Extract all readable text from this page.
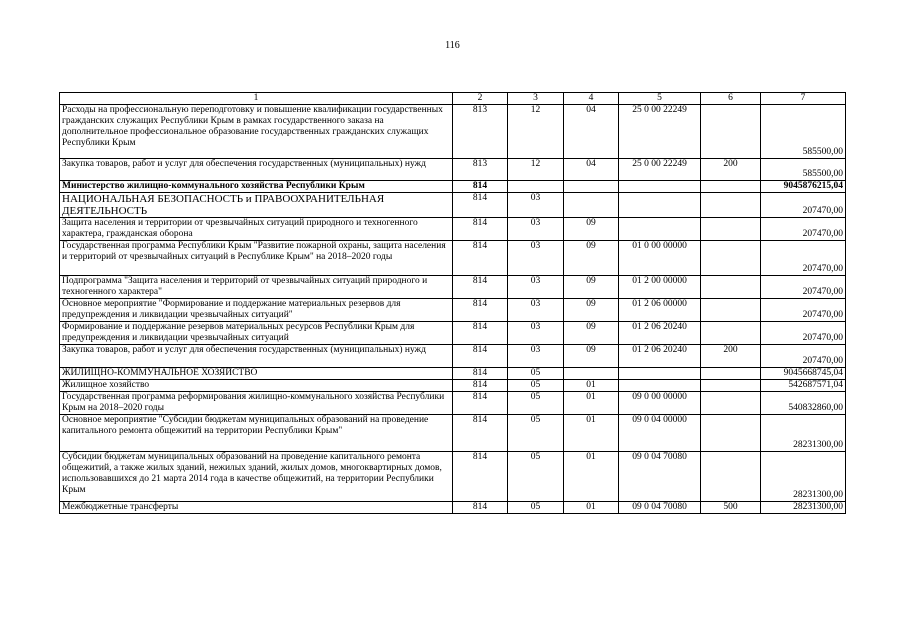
116
1	2	3	4	5	6	7
Расходы на профессиональную переподготовку и повышение квалификации государственных гражданских служащих Республики Крым в рамках государственного заказа на дополнительное профессиональное образование государственных гражданских служащих Республики Крым	813	12	04	25 0 00 22249		585500,00
Закупка товаров, работ и услуг для обеспечения государственных (муниципальных) нужд	813	12	04	25 0 00 22249	200	585500,00
Министерство жилищно-коммунального хозяйства Республики Крым	814					9045876215,04
НАЦИОНАЛЬНАЯ БЕЗОПАСНОСТЬ и ПРАВООХРАНИТЕЛЬНАЯ ДЕЯТЕЛЬНОСТЬ	814	03				207470,00
Защита населения и территории от чрезвычайных ситуаций природного и техногенного характера, гражданская оборона	814	03	09			207470,00
Государственная программа Республики Крым "Развитие пожарной охраны, защита населения и территорий от чрезвычайных ситуаций в Республике Крым" на 2018–2020 годы	814	03	09	01 0 00 00000		207470,00
Подпрограмма "Защита населения и территорий от чрезвычайных ситуаций природного и техногенного характера"	814	03	09	01 2 00 00000		207470,00
Основное мероприятие "Формирование и поддержание материальных резервов для предупреждения и ликвидации чрезвычайных ситуаций"	814	03	09	01 2 06 00000		207470,00
Формирование и поддержание резервов материальных ресурсов Республики Крым для предупреждения и ликвидации чрезвычайных ситуаций	814	03	09	01 2 06 20240		207470,00
Закупка товаров, работ и услуг для обеспечения государственных (муниципальных) нужд	814	03	09	01 2 06 20240	200	207470,00
ЖИЛИЩНО-КОММУНАЛЬНОЕ ХОЗЯЙСТВО	814	05				9045668745,04
Жилищное хозяйство	814	05	01			542687571,04
Государственная программа реформирования жилищно-коммунального хозяйства Республики Крым на 2018–2020 годы	814	05	01	09 0 00 00000		540832860,00
Основное мероприятие "Субсидии бюджетам муниципальных образований на проведение капитального ремонта общежитий на территории Республики Крым"	814	05	01	09 0 04 00000		28231300,00
Субсидии бюджетам муниципальных образований на проведение капитального ремонта общежитий, а также жилых зданий, нежилых зданий, жилых домов, многоквартирных домов, использовавшихся до 21 марта 2014 года в качестве общежитий, на территории Республики Крым	814	05	01	09 0 04 70080		28231300,00
Межбюджетные трансферты	814	05	01	09 0 04 70080	500	28231300,00
